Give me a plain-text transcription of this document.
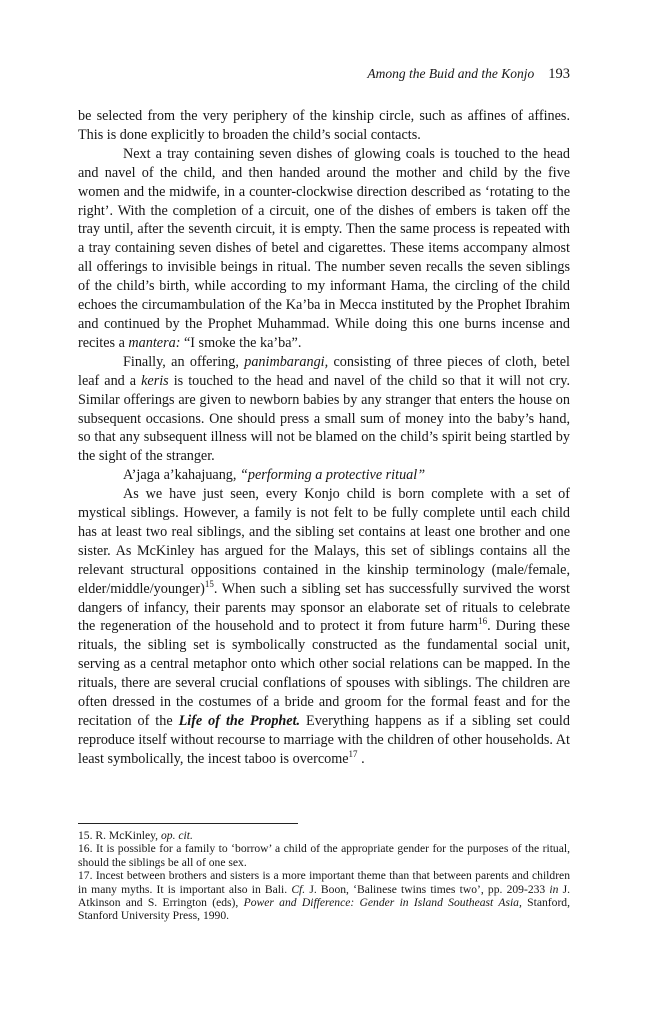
Among the Buid and the Konjo 193

be selected from the very periphery of the kinship circle, such as affines of affines. This is done explicitly to broaden the child’s social contacts.

Next a tray containing seven dishes of glowing coals is touched to the head and navel of the child, and then handed around the mother and child by the five women and the midwife, in a counter-clockwise direction described as ‘rotating to the right’. With the completion of a circuit, one of the dishes of embers is taken off the tray until, after the seventh circuit, it is empty. Then the same process is repeated with a tray containing seven dishes of betel and cigarettes. These items accompany almost all offerings to invisible beings in ritual. The number seven recalls the seven siblings of the child’s birth, while according to my informant Hama, the circling of the child echoes the circumambulation of the Ka’ba in Mecca instituted by the Prophet Ibrahim and continued by the Prophet Muhammad. While doing this one burns incense and recites a mantera: “I smoke the ka’ba”.

Finally, an offering, panimbarangi, consisting of three pieces of cloth, betel leaf and a keris is touched to the head and navel of the child so that it will not cry. Similar offerings are given to newborn babies by any stranger that enters the house on subsequent occasions. One should press a small sum of money into the baby’s hand, so that any subsequent illness will not be blamed on the child’s spirit being startled by the sight of the stranger.

A’jaga a’kahajuang, “performing a protective ritual”

As we have just seen, every Konjo child is born complete with a set of mystical siblings. However, a family is not felt to be fully complete until each child has at least two real siblings, and the sibling set contains at least one brother and one sister. As McKinley has argued for the Malays, this set of siblings contains all the relevant structural oppositions contained in the kinship terminology (male/female, elder/middle/younger)$^{15}$. When such a sibling set has successfully survived the worst dangers of infancy, their parents may sponsor an elaborate set of rituals to celebrate the regeneration of the household and to protect it from future harm$^{16}$. During these rituals, the sibling set is symbolically constructed as the fundamental social unit, serving as a central metaphor onto which other social relations can be mapped. In the rituals, there are several crucial conflations of spouses with siblings. The children are often dressed in the costumes of a bride and groom for the formal feast and for the recitation of the Life of the Prophet. Everything happens as if a sibling set could reproduce itself without recourse to marriage with the children of other households. At least symbolically, the incest taboo is overcome$^{17}$ .

15. R. McKinley, op. cit.

16. It is possible for a family to ‘borrow’ a child of the appropriate gender for the purposes of the ritual, should the siblings be all of one sex.

17. Incest between brothers and sisters is a more important theme than that between parents and children in many myths. It is important also in Bali. Cf. J. Boon, ‘Balinese twins times two’, pp. 209-233 in J. Atkinson and S. Errington (eds), Power and Difference: Gender in Island Southeast Asia, Stanford, Stanford University Press, 1990.
